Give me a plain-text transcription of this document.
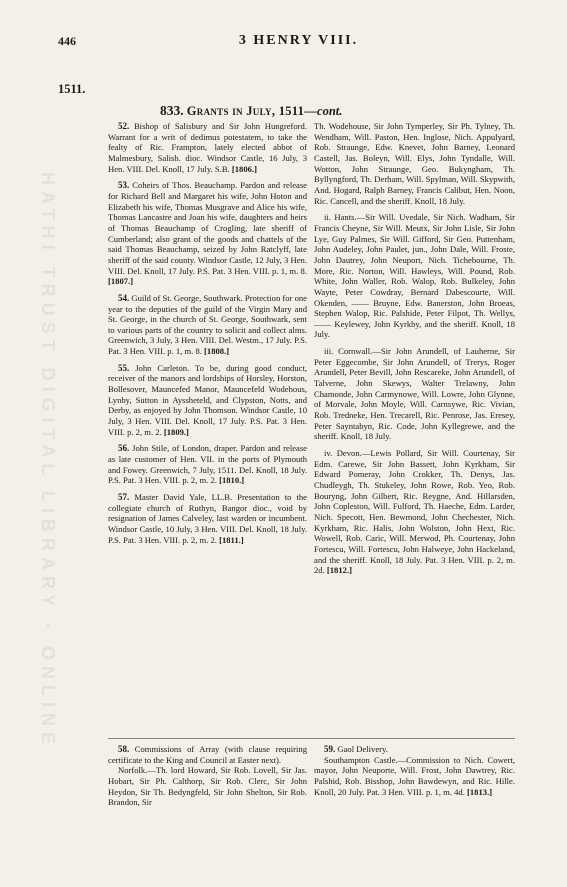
HATHI TRUST DIGITAL LIBRARY · ONLINE
446	3 HENRY VIII.
1511.
833. Grants in July, 1511—cont.
52. Bishop of Salisbury and Sir John Hungreford. Warrant for a writ of dedimus potestatem, to take the fealty of Ric. Frampton, lately elected abbot of Malmesbury, Salisb. dioc. Windsor Castle, 16 July, 3 Hen. VIII. Del. Knoll, 17 July. S.B. [1806.]
53. Coheirs of Thos. Beauchamp. Pardon and release for Richard Bell and Margaret his wife, John Hoton and Elizabeth his wife, Thomas Musgrave and Alice his wife, Thomas Lancastre and Joan his wife, daughters and heirs of Thomas Beauchamp of Crogling, late sheriff of Cumberland; also grant of the goods and chattels of the said Thomas Beauchamp, seized by John Ratclyff, late sheriff of the said county. Windsor Castle, 12 July, 3 Hen. VIII. Del. Knoll, 17 July. P.S. Pat. 3 Hen. VIII. p. 1, m. 8. [1807.]
54. Guild of St. George, Southwark. Protection for one year to the deputies of the guild of the Virgin Mary and St. George, in the church of St. George, Southwark, sent to various parts of the country to solicit and collect alms. Greenwich, 3 July, 3 Hen. VIII. Del. Westm., 17 July. P.S. Pat. 3 Hen. VIII. p. 1, m. 8. [1808.]
55. John Carleton. To be, during good conduct, receiver of the manors and lordships of Horsley, Horston, Bollesover, Mauncefed Manor, Mauncefeld Wodehous, Lynby, Sutton in Ayssheteld, and Clypston, Notts, and Derby, as enjoyed by John Thomson. Windsor Castle, 10 July, 3 Hen. VIII. Del. Knoll, 17 July. P.S. Pat. 3 Hen. VIII. p. 2, m. 2. [1809.]
56. John Stile, of London, draper. Pardon and release as late customer of Hen. VII. in the ports of Plymouth and Fowey. Greenwich, 7 July, 1511. Del. Knoll, 18 July. P.S. Pat. 3 Hen. VIII. p. 2, m. 2. [1810.]
57. Master David Yale, LL.B. Presentation to the collegiate church of Ruthyn, Bangor dioc., void by resignation of James Calveley, last warden or incumbent. Windsor Castle, 10 July, 3 Hen. VIII. Del. Knoll, 18 July. P.S. Pat. 3 Hen. VIII. p. 2, m. 2. [1811.]
Th. Wodehouse, Sir John Tymperley, Sir Ph. Tylney, Th. Wendham, Will. Paston, Hen. Inglose, Nich. Appulyard, Rob. Straunge, Edw. Knevet, John Barney, Leonard Castell, Jas. Boleyn, Will. Elys, John Tyndalle, Will. Wotton, John Straunge, Geo. Bukyngham, Th. Byllyngford, Th. Derham, Will. Spylman, Will. Skypwith, And. Hogard, Ralph Barney, Francis Calibut, Hen. Noon, Ric. Cancell, and the sheriff. Knoll, 18 July.
ii. Hants.—Sir Will. Uvedale, Sir Nich. Wadham, Sir Francis Cheyne, Sir Will. Meutx, Sir John Lisle, Sir John Lye, Guy Palmes, Sir Will. Gifford, Sir Geo. Puttenham, John Audeley, John Paulet, jun., John Dale, Will. Froste, John Dautrey, John Neuport, Nich. Tichebourne, Th. More, Ric. Norton, Will. Hawleys, Will. Pound, Rob. White, John Waller, Rob. Walop, Rob. Bulkeley, John Wayte, Peter Cowdray, Bernard Dabescourte, Will. Okenden, —— Bruyne, Edw. Banerston, John Broeas, Stephen Walop, Ric. Palshide, Peter Filpot, Th. Wellys, —— Keylewey, John Kyrkby, and the sheriff. Knoll, 18 July.
iii. Cornwall.—Sir John Arundell, of Lauherne, Sir Peter Eggecombe, Sir John Arundell, of Trerys, Roger Arundell, Peter Bevill, John Rescareke, John Arundell, of Talverne, John Skewys, Walter Trelawny, John Chamonde, John Carmynowe, Will. Lowre, John Glynne, of Morvale, John Moyle, Will. Carnsywe, Ric. Vivian, Rob. Tredneke, Hen. Trecarell, Ric. Penrose, Jas. Eresey, Peter Sayntabyn, Ric. Code, John Kyllegrewe, and the sheriff. Knoll, 18 July.
iv. Devon.—Lewis Pollard, Sir Will. Courtenay, Sir Edm. Carewe, Sir John Bassett, John Kyrkham, Sir Edward Pomeray, John Crokker, Th. Denys, Jas. Chudleygh, Th. Stukeley, John Rowe, Rob. Yeo, Rob. Bouryng, John Gilbert, Ric. Reygne, And. Hillarsden, John Copleston, Will. Fulford, Th. Haeche, Edm. Larder, Nich. Specott, Hen. Bewmond, John Chechester, Nich. Kyrkham, Ric. Halis, John Wolston, John Hext, Ric. Wowell, Rob. Caric, Will. Merwod, Ph. Courtenay, John Fortescu, Will. Fortescu, John Halweye, John Hackeland, and the sheriff. Knoll, 18 July. Pat. 3 Hen. VIII. p. 2, m. 2d. [1812.]

58. Commissions of Array (with clause requiring certificate to the King and Council at Easter next).

Norfolk.—Th. lord Howard, Sir Rob. Lovell, Sir Jas. Hobart, Sir Ph. Calthorp, Sir Rob. Clerc, Sir John Heydon, Sir Th. Bedyngfeld, Sir John Shelton, Sir Rob. Brandon, Sir

59. Gaol Delivery.

Southampton Castle.—Commission to Nich. Cowert, mayor, John Neuporte, Will. Frost, John Dawtrey, Ric. Palshid, Rob. Bisshop, John Bawdewyn, and Ric. Hille. Knoll, 20 July. Pat. 3 Hen. VIII. p. 1, m. 4d. [1813.]
